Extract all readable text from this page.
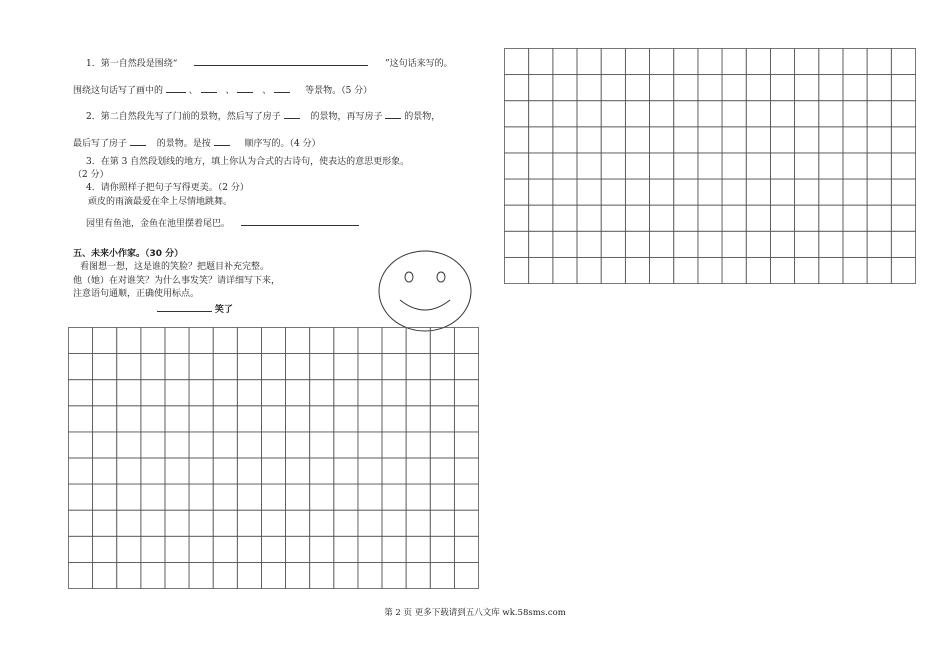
1．第一自然段是围绕“	”这句话来写的。
围绕这句话写了画中的	、	、	、	等景物。（5 分）
2．第二自然段先写了门前的景物，然后写了房子	的景物，再写房子 的景物，
最后写了房子	的景物。是按	顺序写的。（4 分）
3．在第 3 自然段划线的地方，填上你认为合式的古诗句，使表达的意思更形象。
（2 分）
4．请你照样子把句子写得更美。（2 分）
顽皮的雨滴最爱在伞上尽情地跳舞。
园里有鱼池，金鱼在池里摆着尾巴。
五、未来小作家。（30 分）
看图想一想，这是谁的笑脸？把题目补充完整。
他（她）在对谁笑？为什么事发笑？请详细写下来，
注意语句通顺，正确使用标点。
笑了
第 2 页 更多下载请到五八文库 wk.58sms.com
